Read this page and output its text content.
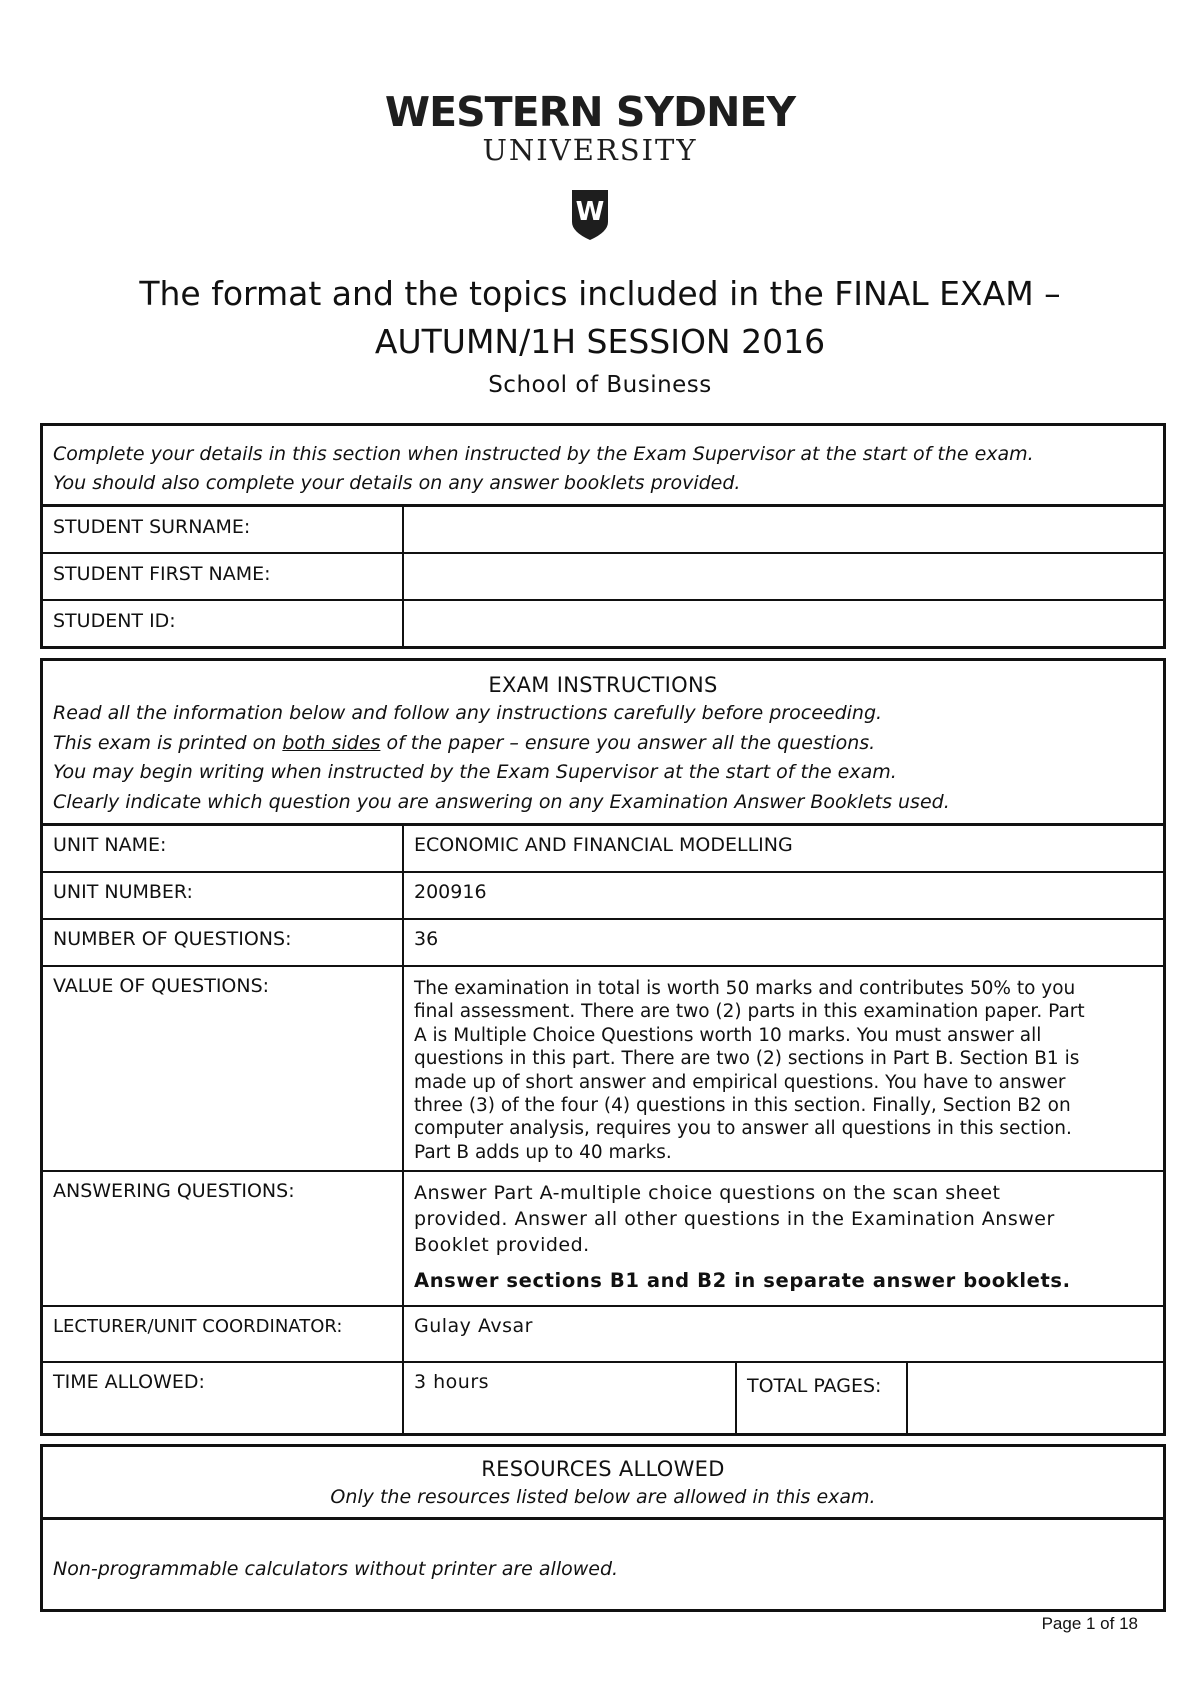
WESTERN SYDNEY
UNIVERSITY
W
The format and the topics included in the FINAL EXAM –
AUTUMN/1H SESSION 2016
School of Business
Complete your details in this section when instructed by the Exam Supervisor at the start of the exam.
You should also complete your details on any answer booklets provided.
STUDENT SURNAME:
STUDENT FIRST NAME:
STUDENT ID:
EXAM INSTRUCTIONS
Read all the information below and follow any instructions carefully before proceeding.
This exam is printed on both sides of the paper – ensure you answer all the questions.
You may begin writing when instructed by the Exam Supervisor at the start of the exam.
Clearly indicate which question you are answering on any Examination Answer Booklets used.
UNIT NAME:	ECONOMIC AND FINANCIAL MODELLING
UNIT NUMBER:	200916
NUMBER OF QUESTIONS:	36
VALUE OF QUESTIONS:	The examination in total is worth 50 marks and contributes 50% to you
final assessment. There are two (2) parts in this examination paper. Part
A is Multiple Choice Questions worth 10 marks. You must answer all
questions in this part. There are two (2) sections in Part B. Section B1 is
made up of short answer and empirical questions. You have to answer
three (3) of the four (4) questions in this section. Finally, Section B2 on
computer analysis, requires you to answer all questions in this section.
Part B adds up to 40 marks.
ANSWERING QUESTIONS:	Answer Part A-multiple choice questions on the scan sheet
provided. Answer all other questions in the Examination Answer
Booklet provided.
Answer sections B1 and B2 in separate answer booklets.
LECTURER/UNIT COORDINATOR:	Gulay Avsar
TIME ALLOWED:	3 hours	TOTAL PAGES:
RESOURCES ALLOWED
Only the resources listed below are allowed in this exam.
Non-programmable calculators without printer are allowed.
Page 1 of 18
